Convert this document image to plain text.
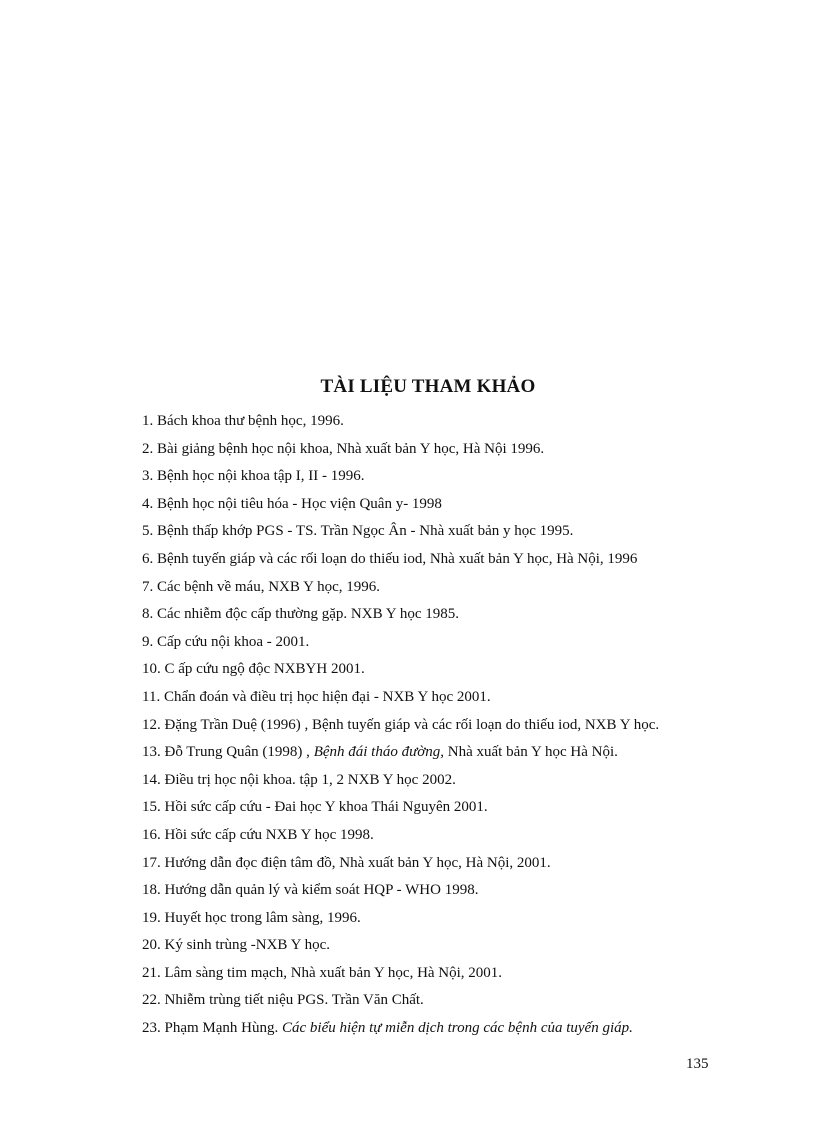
TÀI LIỆU THAM KHẢO
1. Bách khoa thư bệnh học, 1996.
2. Bài giảng bệnh học nội khoa, Nhà xuất bản Y học, Hà Nội 1996.
3. Bệnh học nội khoa tập I, II - 1996.
4. Bệnh học nội tiêu hóa - Học viện Quân y- 1998
5. Bệnh thấp khớp PGS - TS. Trần Ngọc Ân - Nhà xuất bản y học 1995.
6. Bệnh tuyến giáp và các rối loạn do thiếu iod, Nhà xuất bản Y học, Hà Nội, 1996
7. Các bệnh về máu, NXB Y học, 1996.
8. Các nhiễm độc cấp thường gặp. NXB Y học 1985.
9. Cấp cứu nội khoa - 2001.
10. C ấp cứu ngộ độc NXBYH 2001.
11. Chẩn đoán và điều trị học hiện đại - NXB Y học 2001.
12. Đặng Trần Duệ (1996) , Bệnh tuyến giáp và các rối loạn do thiếu iod, NXB Y học.
13. Đỗ Trung Quân (1998) , Bệnh đái tháo đường, Nhà xuất bản Y học Hà Nội.
14. Điều trị học nội khoa. tập 1, 2 NXB Y học 2002.
15. Hồi sức cấp cứu - Đai học Y khoa Thái Nguyên 2001.
16. Hồi sức cấp cứu NXB Y học 1998.
17. Hướng dẫn đọc điện tâm đồ, Nhà xuất bản Y học, Hà Nội, 2001.
18. Hướng dẫn quản lý và kiểm soát HQP - WHO 1998.
19. Huyết học trong lâm sàng, 1996.
20. Ký sinh trùng -NXB Y học.
21. Lâm sàng tim mạch, Nhà xuất bản Y học, Hà Nội, 2001.
22. Nhiễm trùng tiết niệu PGS. Trần Văn Chất.
23. Phạm Mạnh Hùng. Các biểu hiện tự miễn dịch trong các bệnh của tuyến giáp.
135
